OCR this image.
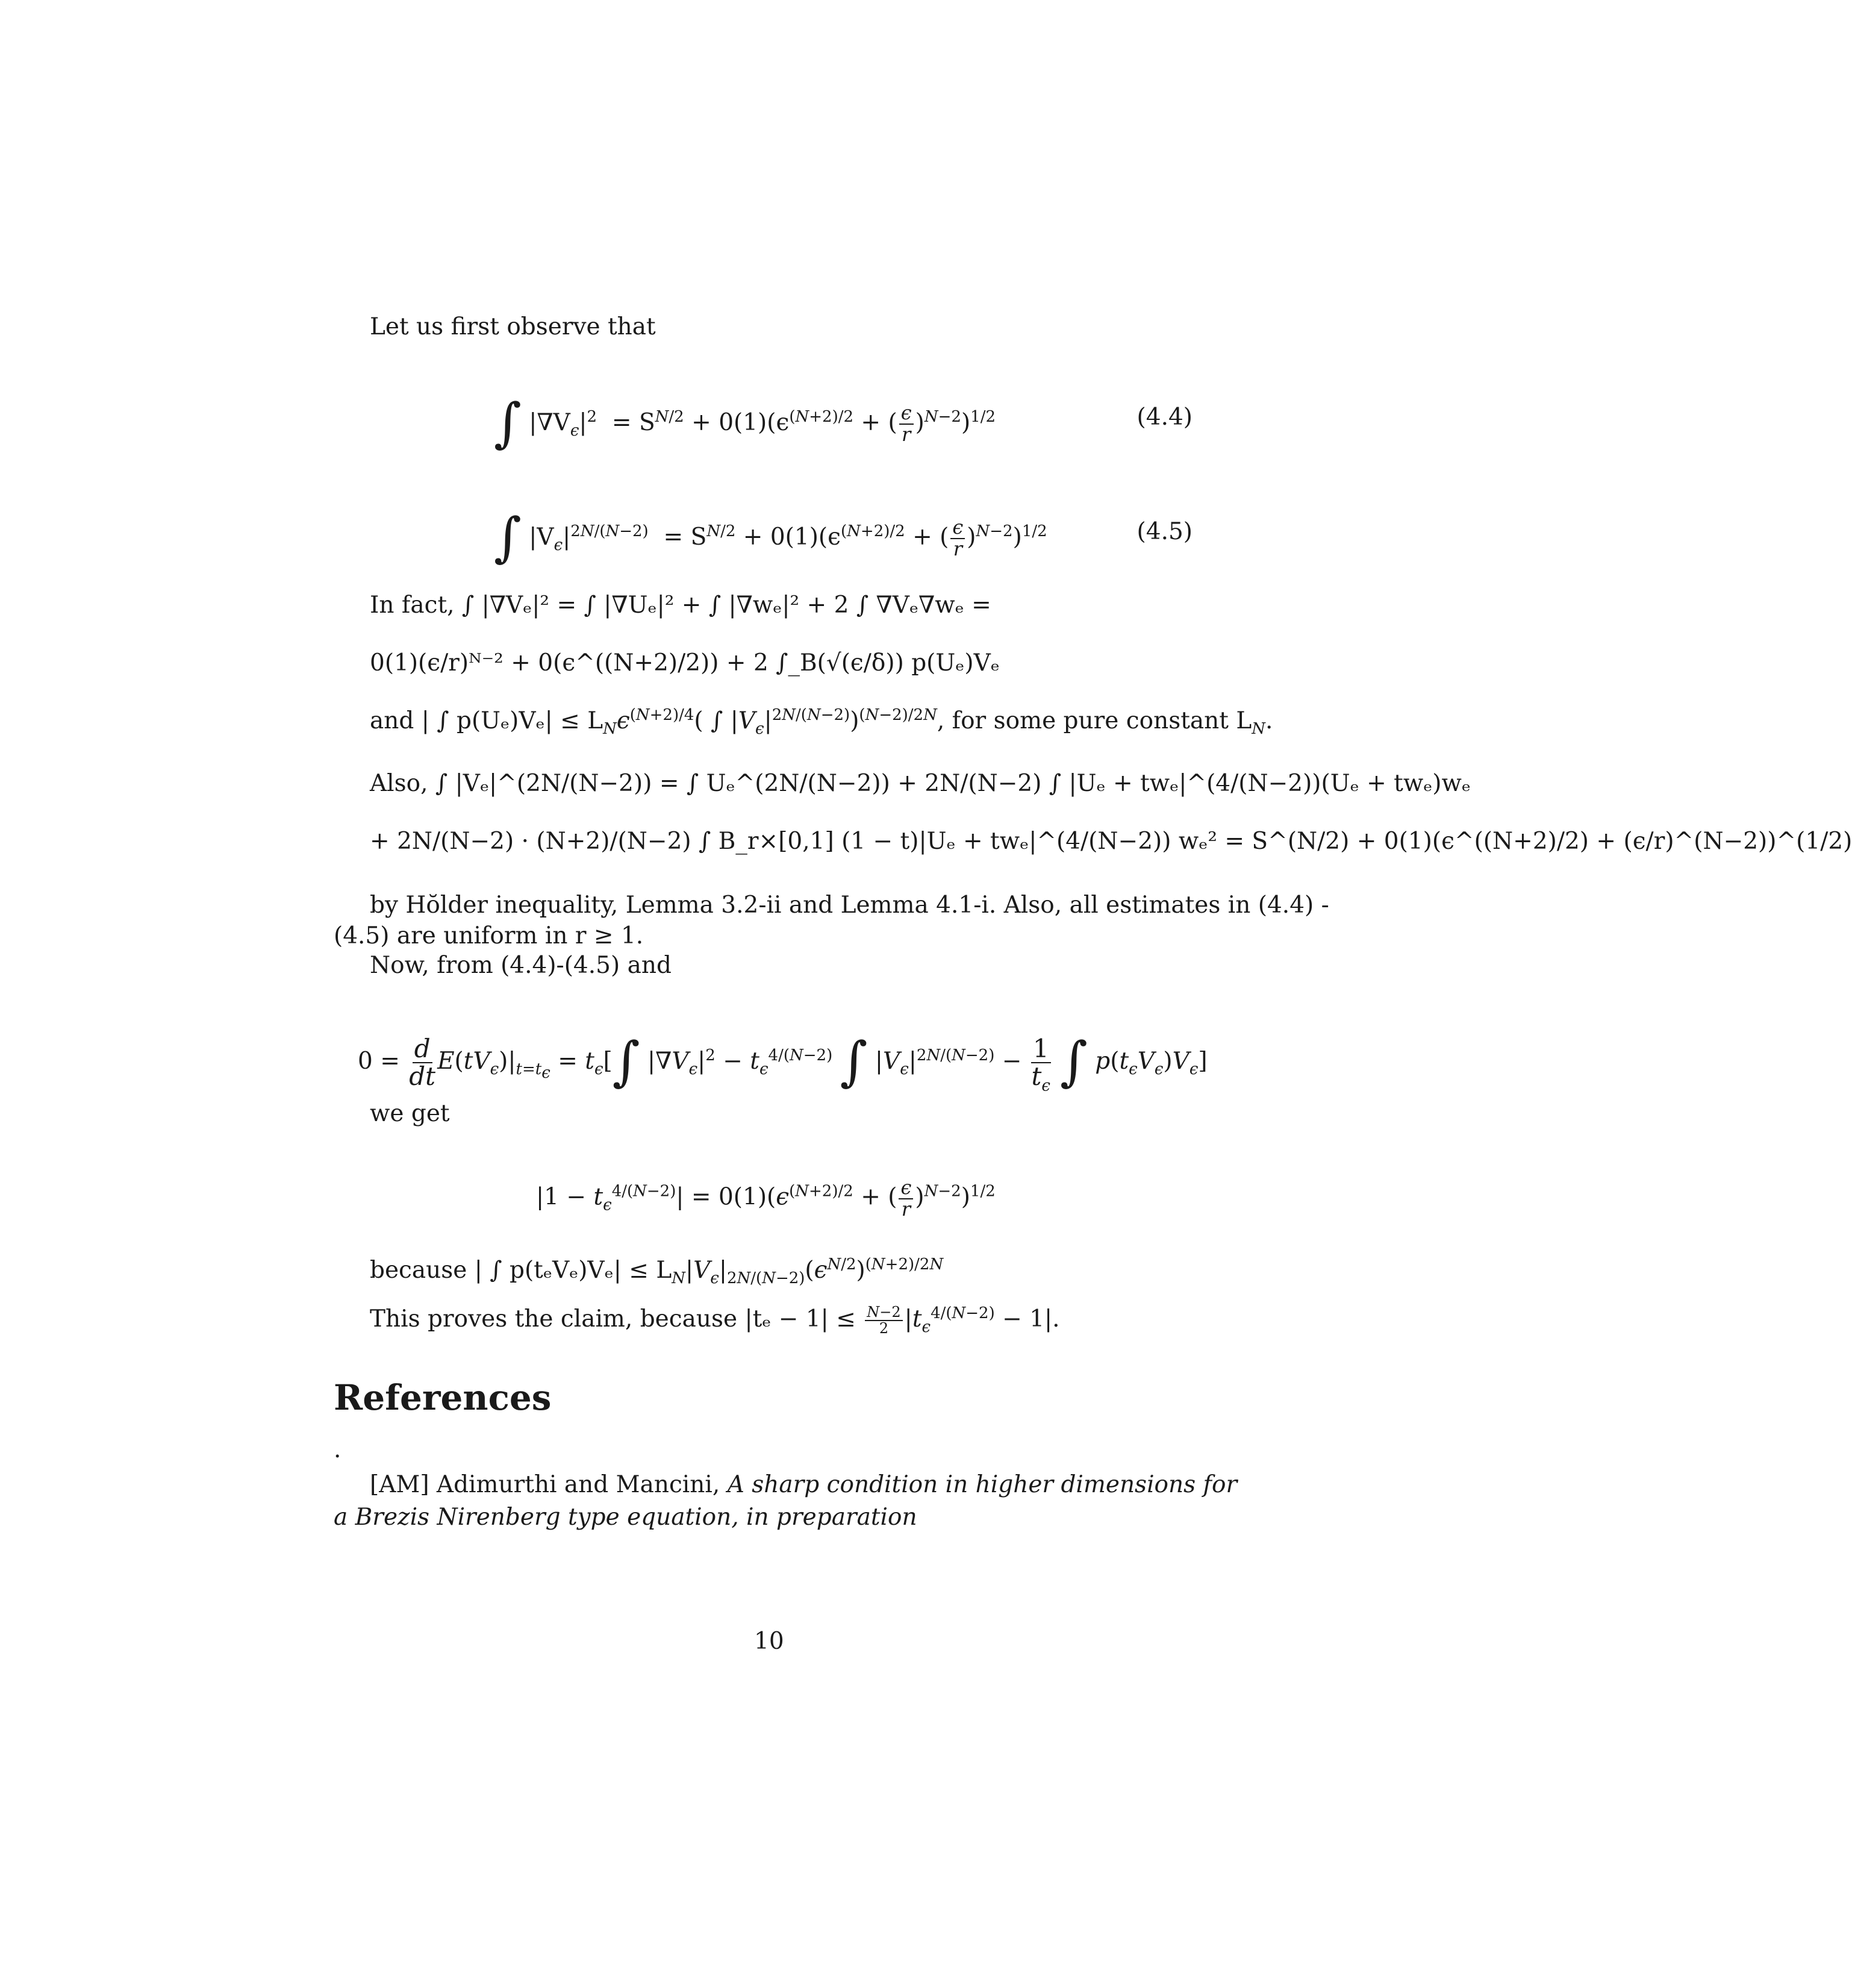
Let us first observe that
∫ $|\nabla V_\epsilon|^2 = S^{N/2} + 0(1)(\epsilon^{(N+2)/2}$ + ( $\frac{\epsilon}{r} )^{N-2})^{1/2}$	(4.4)
∫ $|V_\epsilon|^{2N/(N-2)} = S^{N/2} + 0(1)(\epsilon^{(N+2)/2}$ + ( $\frac{\epsilon}{r} )^{N-2})^{1/2}$	(4.5)
In fact, ∫ |∇Vₑ|² = ∫ |∇Uₑ|² + ∫ |∇wₑ|² + 2 ∫ ∇Vₑ∇wₑ =
0(1)(ϵ/r)ᴺ⁻² + 0(ϵ^((N+2)/2)) + 2 ∫_B(√(ϵ/δ)) p(Uₑ)Vₑ
and | ∫ $p(U_e)V_e| \le L_N\epsilon^{(N+2)/4}$( ∫ $|V_\epsilon|^{2N/(N-2)})^{(N-2)/2N}$, for some pure constant $L_N$.
Also, ∫ |Vₑ|^(2N/(N−2)) = ∫ Uₑ^(2N/(N−2)) + 2N/(N−2) ∫ |Uₑ + twₑ|^(4/(N−2))(Uₑ + twₑ)wₑ
+ 2N/(N−2) · (N+2)/(N−2) ∫ B_r×[0,1] (1 − t)|Uₑ + twₑ|^(4/(N−2)) wₑ² = S^(N/2) + 0(1)(ϵ^((N+2)/2) + (ϵ/r)^(N−2))^(1/2)
by Hŏlder inequality, Lemma 3.2-ii and Lemma 4.1-i. Also, all estimates in (4.4) - (4.5) are uniform in r ≥ 1.
Now, from (4.4)-(4.5) and
$0 = \frac{d}{dt} E(tV_\epsilon)|_{t=t_\epsilon} = t_\epsilon[\int$ $|\nabla V_\epsilon|^2 - t_\epsilon^{4/(N-2)}$ ∫ $|V_\epsilon|^{2N/(N-2)} - \frac{1}{t_\epsilon}$ ∫ $p(t_\epsilon V_\epsilon)V_\epsilon$]
we get
$|1 - t_\epsilon^{4/(N-2)}| = 0(1)(\epsilon^{(N+2)/2}$ + ( $\frac{\epsilon}{r} )^{N-2})^{1/2}$
because | ∫ $p(t_eV_e)V_e| \le L_N|V_\epsilon|_{2N/(N-2)}(\epsilon^{N/2})^{(N+2)/2N}$
This proves the claim, because $|t_e - 1| \le \frac{N-2}{2} |t_\epsilon^{4/(N-2)} - 1|$.
References
.
[AM] Adimurthi and Mancini, A sharp condition in higher dimensions for
a Brezis Nirenberg type equation, in preparation
10
